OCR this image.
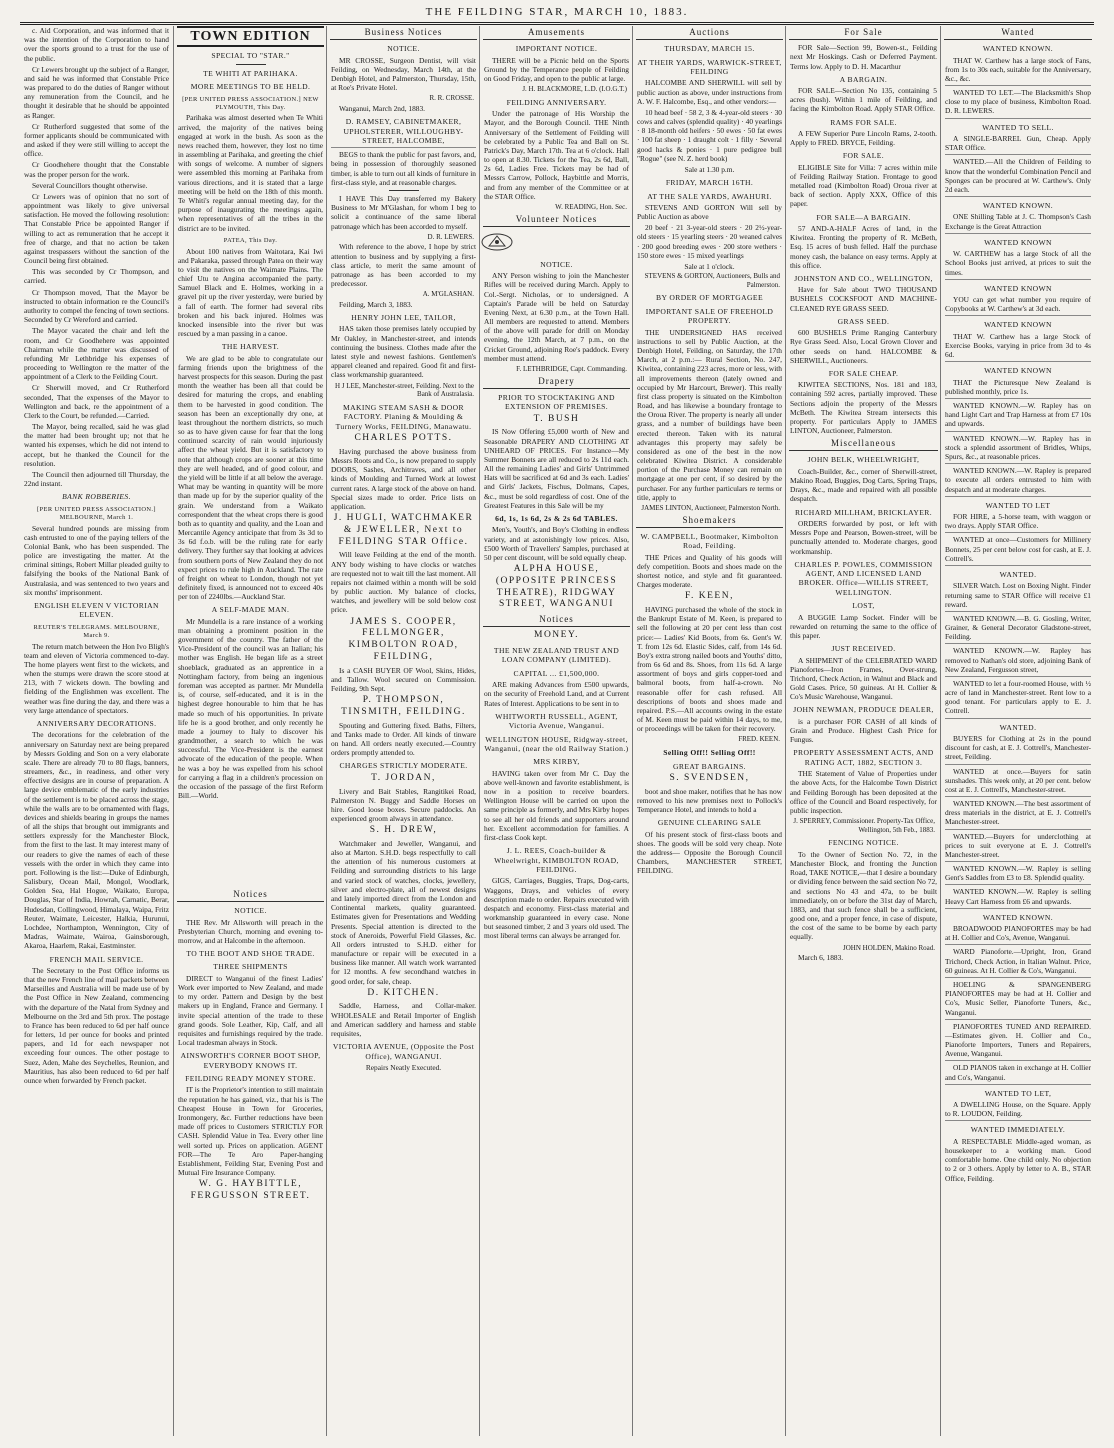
THE FEILDING STAR, MARCH 10, 1883.

c. Aid Corporation, and was informed that it was the intention of the Corporation to hand over the sports ground to a trust for the use of the public.

Cr Lewers brought up the subject of a Ranger, and said he was informed that Constable Price was prepared to do the duties of Ranger without any remuneration from the Council, and he thought it desirable that he should be appointed as Ranger.

Cr Rutherford suggested that some of the former applicants should be communicated with and asked if they were still willing to accept the office.

Cr Goodhehere thought that the Constable was the proper person for the work.

Several Councillors thought otherwise.

Cr Lewers was of opinion that no sort of appointment was likely to give universal satisfaction. He moved the following resolution: That Constable Price be appointed Ranger if willing to act as remuneration that he accept it free of charge, and that no action be taken against trespassers without the sanction of the Council being first obtained.

This was seconded by Cr Thompson, and carried.

Cr Thompson moved, That the Mayor be instructed to obtain information re the Council's authority to compel the fencing of town sections. Seconded by Cr Wereford and carried.

The Mayor vacated the chair and left the room, and Cr Goodhehere was appointed Chairman while the matter was discussed of refunding Mr Lethbridge his expenses of proceeding to Wellington re the matter of the appointment of a Clerk to the Feilding Court.

Cr Sherwill moved, and Cr Rutherford seconded, That the expenses of the Mayor to Wellington and back, re the appointment of a Clerk to the Court, be refunded.—Carried.

The Mayor, being recalled, said he was glad the matter had been brought up; not that he wanted his expenses, which he did not intend to accept, but he thanked the Council for the resolution.

The Council then adjourned till Thursday, the 22nd instant.

BANK ROBBERIES.
[PER UNITED PRESS ASSOCIATION.] MELBOURNE, March 1.

Several hundred pounds are missing from cash entrusted to one of the paying tellers of the Colonial Bank, who has been suspended. The police are investigating the matter. At the criminal sittings, Robert Millar pleaded guilty to falsifying the books of the National Bank of Australasia, and was sentenced to two years and six months' imprisonment.

ENGLISH ELEVEN V VICTORIAN ELEVEN.
REUTER'S TELEGRAMS. MELBOURNE, March 9.

The return match between the Hon Ivo Bligh's team and eleven of Victoria commenced to-day. The home players went first to the wickets, and when the stumps were drawn the score stood at 213, with 7 wickets down. The bowling and fielding of the Englishmen was excellent. The weather was fine during the day, and there was a very large attendance of spectators.

ANNIVERSARY DECORATIONS.

The decorations for the celebration of the anniversary on Saturday next are being prepared by Messrs Golding and Son on a very elaborate scale. There are already 70 to 80 flags, banners, streamers, &c., in readiness, and other very effective designs are in course of preparation. A large device emblematic of the early industries of the settlement is to be placed across the stage, while the walls are to be ornamented with flags, devices and shields bearing in groups the names of all the ships that brought out immigrants and settlers expressly for the Manchester Block, from the first to the last. It may interest many of our readers to give the names of each of these vessels with the order in which they came into port. Following is the list:—Duke of Edinburgh, Salisbury, Ocean Mail, Mongol, Woodlark, Golden Sea, Hal Hogue, Waikato, Europa, Douglas, Star of India, Howrah, Carnatic, Berar, Hudesdan, Collingwood, Himalaya, Waipa, Fritz Reuter, Waimate, Leicester, Halkia, Hurunui, Lochdee, Northampton, Wennington, City of Madras, Waimate, Wairoa, Gainsborough, Akaroa, Haarlem, Rakai, Eastminster.

FRENCH MAIL SERVICE.

The Secretary to the Post Office informs us that the new French line of mail packets between Marseilles and Australia will be made use of by the Post Office in New Zealand, commencing with the departure of the Natal from Sydney and Melbourne on the 3rd and 5th prox. The postage to France has been reduced to 6d per half ounce for letters, 1d per ounce for books and printed papers, and 1d for each newspaper not exceeding four ounces. The other postage to Suez, Aden, Mahe des Seychelles, Reunion, and Mauritius, has also been reduced to 6d per half ounce when forwarded by French packet.

TOWN EDITION
SPECIAL TO "STAR."
TE WHITI AT PARIHAKA.
MORE MEETINGS TO BE HELD.
[PER UNITED PRESS ASSOCIATION.] NEW PLYMOUTH, This Day.

Parihaka was almost deserted when Te Whiti arrived, the majority of the natives being engaged at work in the bush. As soon as the news reached them, however, they lost no time in assembling at Parihaka, and greeting the chief with songs of welcome. A number of signers were assembled this morning at Parihaka from various directions, and it is stated that a large meeting will be held on the 18th of this month. Te Whiti's regular annual meeting day, for the purpose of inaugurating the meetings again, when representatives of all the tribes in the district are to be invited.

PATEA, This Day.

About 100 natives from Waitotara, Kai Iwi and Pakaraka, passed through Patea on their way to visit the natives on the Waimate Plains. The chief Utu te Angina accompanied the party. Samuel Black and E. Holmes, working in a gravel pit up the river yesterday, were buried by a fall of earth. The former had several ribs broken and his back injured. Holmes was knocked insensible into the river but was rescued by a man passing in a canoe.

THE HARVEST.

We are glad to be able to congratulate our farming friends upon the brightness of the harvest prospects for this season. During the past month the weather has been all that could be desired for maturing the crops, and enabling them to be harvested in good condition. The season has been an exceptionally dry one, at least throughout the northern districts, so much so as to have given cause for fear that the long continued scarcity of rain would injuriously affect the wheat yield. But it is satisfactory to note that although crops are sooner at this time they are well headed, and of good colour, and the yield will be little if at all below the average. What may be wanting in quantity will be more than made up for by the superior quality of the grain. We understand from a Waikato correspondent that the wheat crops there is good both as to quantity and quality, and the Loan and Mercantile Agency anticipate that from 3s 3d to 3s 6d f.o.b. will be the ruling rate for early delivery. They further say that looking at advices from southern ports of New Zealand they do not expect prices to rule high in Auckland. The rate of freight on wheat to London, though not yet definitely fixed, is announced not to exceed 40s per ton of 2240lbs.—Auckland Star.

A SELF-MADE MAN.

Mr Mundella is a rare instance of a working man obtaining a prominent position in the government of the country. The father of the Vice-President of the council was an Italian; his mother was English. He began life as a street shoeblack, graduated as an apprentice in a Nottingham factory, from being an ingenious foreman was accepted as partner. Mr Mundella is, of course, self-educated, and it is in the highest degree honourable to him that he has made so much of his opportunities. In private life he is a good brother, and only recently he made a journey to Italy to discover his grandmother, a search to which he was successful. The Vice-President is the earnest advocate of the education of the people. When he was a boy he was expelled from his school for carrying a flag in a children's procession on the occasion of the passage of the first Reform Bill.—World.

Notices
NOTICE.

THE Rev. Mr Allsworth will preach in the Presbyterian Church, morning and evening to-morrow, and at Halcombe in the afternoon.

TO THE BOOT AND SHOE TRADE.
THREE SHIPMENTS

DIRECT to Wanganui of the finest Ladies' Work ever imported to New Zealand, and made to my order. Pattern and Design by the best makers up in England, France and Germany. I invite special attention of the trade to these grand goods. Sole Leather, Kip, Calf, and all requisites and furnishings required by the trade. Local tradesman always in Stock.

AINSWORTH'S CORNER BOOT SHOP, EVERYBODY KNOWS IT.
FEILDING READY MONEY STORE.

IT is the Proprietor's intention to still maintain the reputation he has gained, viz., that his is The Cheapest House in Town for Groceries, Ironmongery, &c. Further reductions have been made off prices to Customers STRICTLY FOR CASH. Splendid Value in Tea. Every other line well sorted up. Prices on application. AGENT FOR—The Te Aro Paper-hanging Establishment, Feilding Star, Evening Post and Mutual Fire Insurance Company.

W. G. HAYBITTLE, FERGUSSON STREET.
Business Notices
NOTICE.

MR CROSSE, Surgeon Dentist, will visit Feilding, on Wednesday, March 14th, at the Denbigh Hotel, and Palmerston, Thursday, 15th, at Roe's Private Hotel.

R. R. CROSSE.

Wanganui, March 2nd, 1883.

D. RAMSEY, CABINETMAKER, UPHOLSTERER, WILLOUGHBY-STREET, HALCOMBE,

BEGS to thank the public for past favors, and, being in possession of thoroughly seasoned timber, is able to turn out all kinds of furniture in first-class style, and at reasonable charges.

I HAVE This Day transferred my Bakery Business to Mr M'Glashan, for whom I beg to solicit a continuance of the same liberal patronage which has been accorded to myself.

D. R. LEWERS.

With reference to the above, I hope by strict attention to business and by supplying a first-class article, to merit the same amount of patronage as has been accorded to my predecessor.

A. M'GLASHAN.

Feilding, March 3, 1883.

HENRY JOHN LEE, TAILOR,

HAS taken those premises lately occupied by Mr Oakley, in Manchester-street, and intends continuing the business. Clothes made after the latest style and newest fashions. Gentlemen's apparel cleaned and repaired. Good fit and first-class workmanship guaranteed.

H J LEE, Manchester-street, Feilding. Next to the Bank of Australasia.
MAKING STEAM SASH & DOOR FACTORY. Planing & Moulding & Turnery Works, FEILDING, Manawatu.
CHARLES POTTS.

Having purchased the above business from Messrs Roots and Co., is now prepared to supply DOORS, Sashes, Architraves, and all other kinds of Moulding and Turned Work at lowest current rates. A large stock of the above on hand. Special sizes made to order. Price lists on application.

J. HUGLI, WATCHMAKER & JEWELLER, Next to FEILDING STAR Office.

Will leave Feilding at the end of the month. ANY body wishing to have clocks or watches are requested not to wait till the last moment. All repairs not claimed within a month will be sold by public auction. My balance of clocks, watches, and jewellery will be sold below cost price.

JAMES S. COOPER, FELLMONGER, KIMBOLTON ROAD, FEILDING,

Is a CASH BUYER OF Wool, Skins, Hides, and Tallow. Wool secured on Commission. Feilding, 9th Sept.

P. THOMPSON, TINSMITH, FEILDING.

Spouting and Guttering fixed. Baths, Filters, and Tanks made to Order. All kinds of tinware on hand. All orders neatly executed.—Country orders promptly attended to.

CHARGES STRICTLY MODERATE.
T. JORDAN,

Livery and Bait Stables, Rangitikei Road, Palmerston N. Buggy and Saddle Horses on hire. Good loose boxes. Secure paddocks. An experienced groom always in attendance.

S. H. DREW,

Watchmaker and Jeweller, Wanganui, and also at Marton. S.H.D. begs respectfully to call the attention of his numerous customers at Feilding and surrounding districts to his large and varied stock of watches, clocks, jewellery, silver and electro-plate, all of newest designs and lately imported direct from the London and Continental markets, quality guaranteed. Estimates given for Presentations and Wedding Presents. Special attention is directed to the stock of Aneroids, Powerful Field Glasses, &c. All orders intrusted to S.H.D. either for manufacture or repair will be executed in a business like manner. All watch work warranted for 12 months. A few secondhand watches in good order, for sale, cheap.

D. KITCHEN.

Saddle, Harness, and Collar-maker. WHOLESALE and Retail Importer of English and American saddlery and harness and stable requisites,

VICTORIA AVENUE, (Opposite the Post Office), WANGANUI.
Repairs Neatly Executed.
Amusements
IMPORTANT NOTICE.

THERE will be a Picnic held on the Sports Ground by the Temperance people of Feilding on Good Friday, and open to the public at large.

J. H. BLACKMORE, L.D. (I.O.G.T.)
FEILDING ANNIVERSARY.

Under the patronage of His Worship the Mayor, and the Borough Council. THE Ninth Anniversary of the Settlement of Feilding will be celebrated by a Public Tea and Ball on St. Patrick's Day, March 17th. Tea at 6 o'clock. Hall to open at 8.30. Tickets for the Tea, 2s 6d, Ball, 2s 6d, Ladies Free. Tickets may be had of Messrs Carrow, Pollock, Haybittle and Morris, and from any member of the Committee or at the STAR Office.

W. READING, Hon. Sec.
Volunteer Notices
NOTICE.

ANY Person wishing to join the Manchester Rifles will be received during March. Apply to Col.-Sergt. Nicholas, or to undersigned. A Captain's Parade will be held on Saturday Evening Next, at 6.30 p.m., at the Town Hall. All members are requested to attend. Members of the above will parade for drill on Monday evening, the 12th March, at 7 p.m., on the Cricket Ground, adjoining Roe's paddock. Every member must attend.

F. LETHBRIDGE, Capt. Commanding.
Drapery
PRIOR TO STOCKTAKING AND EXTENSION OF PREMISES.
T. BUSH

IS Now Offering £5,000 worth of New and Seasonable DRAPERY AND CLOTHING AT UNHEARD OF PRICES. For Instance—My Summer Bonnets are all reduced to 2s 11d each. All the remaining Ladies' and Girls' Untrimmed Hats will be sacrificed at 6d and 3s each. Ladies' and Girls' Jackets, Fischus, Dolmans, Capes, &c., must be sold regardless of cost. One of the Greatest Features in this Sale will be my

6d, 1s, 1s 6d, 2s & 2s 6d TABLES.

Men's, Youth's, and Boy's Clothing in endless variety, and at astonishingly low prices. Also, £500 Worth of Travellers' Samples, purchased at 50 per cent discount, will be sold equally cheap.

ALPHA HOUSE, (OPPOSITE PRINCESS THEATRE), RIDGWAY STREET, WANGANUI
Notices
MONEY.
THE NEW ZEALAND TRUST AND LOAN COMPANY (LIMITED).
CAPITAL ... £1,500,000.

ARE making Advances from £500 upwards, on the security of Freehold Land, and at Current Rates of Interest. Applications to be sent in to

WHITWORTH RUSSELL, AGENT, Victoria Avenue, Wanganui.
WELLINGTON HOUSE, Ridgway-street, Wanganui, (near the old Railway Station.)
MRS KIRBY,

HAVING taken over from Mr C. Day the above well-known and favorite establishment, is now in a position to receive boarders. Wellington House will be carried on upon the same principle as formerly, and Mrs Kirby hopes to see all her old friends and supporters around her. Excellent accommodation for families. A first-class Cook kept.

J. L. REES, Coach-builder & Wheelwright, KIMBOLTON ROAD, FEILDING.

GIGS, Carriages, Buggies, Traps, Dog-carts, Waggons, Drays, and vehicles of every description made to order. Repairs executed with despatch and economy. First-class material and workmanship guaranteed in every case. None but seasoned timber, 2 and 3 years old used. The most liberal terms can always be arranged for.

Auctions
THURSDAY, MARCH 15.
AT THEIR YARDS, WARWICK-STREET, FEILDING

HALCOMBE AND SHERWILL will sell by public auction as above, under instructions from A. W. F. Halcombe, Esq., and other vendors:—

10 head beef · 58 2, 3 & 4-year-old steers · 30 cows and calves (splendid quality) · 40 yearlings · 8 18-month old heifers · 50 ewes · 50 fat ewes · 100 fat sheep · 1 draught colt · 1 filly · Several good hacks & ponies · 1 pure pedigree bull "Rogue" (see N. Z. herd book)

Sale at 1.30 p.m.
FRIDAY, MARCH 16TH.
AT THE SALE YARDS, AWAHURI.

STEVENS AND GORTON Will sell by Public Auction as above

20 beef · 21 3-year-old steers · 20 2½-year-old steers · 15 yearling steers · 20 weaned calves · 200 good breeding ewes · 200 store wethers · 150 store ewes · 15 mixed yearlings

Sale at 1 o'clock.
STEVENS & GORTON, Auctioneers, Bulls and Palmerston.
BY ORDER OF MORTGAGEE
IMPORTANT SALE OF FREEHOLD PROPERTY.

THE UNDERSIGNED HAS received instructions to sell by Public Auction, at the Denbigh Hotel, Feilding, on Saturday, the 17th March, at 2 p.m.:— Rural Section, No. 247, Kiwitea, containing 223 acres, more or less, with all improvements thereon (lately owned and occupied by Mr Harcourt, Brewer). This really first class property is situated on the Kimbolton Road, and has likewise a boundary frontage to the Oroua River. The property is nearly all under grass, and a number of buildings have been erected thereon. Taken with its natural advantages this property may safely be considered as one of the best in the now celebrated Kiwitea District. A considerable portion of the Purchase Money can remain on mortgage at one per cent, if so desired by the purchaser. For any further particulars re terms or title, apply to

JAMES LINTON, Auctioneer, Palmerston North.
Shoemakers
W. CAMPBELL, Bootmaker, Kimbolton Road, Feilding.

THE Prices and Quality of his goods will defy competition. Boots and shoes made on the shortest notice, and style and fit guaranteed. Charges moderate.

F. KEEN,

HAVING purchased the whole of the stock in the Bankrupt Estate of M. Keen, is prepared to sell the following at 20 per cent less than cost price:— Ladies' Kid Boots, from 6s. Gent's W. T. from 12s 6d. Elastic Sides, calf, from 14s 6d. Boy's extra strong nailed boots and Youths' ditto, from 6s 6d and 8s. Shoes, from 11s 6d. A large assortment of boys and girls copper-toed and balmoral boots, from half-a-crown. No reasonable offer for cash refused. All descriptions of boots and shoes made and repaired. P.S.—All accounts owing in the estate of M. Keen must be paid within 14 days, to me, or proceedings will be taken for their recovery.

FRED. KEEN.
Selling Off!! Selling Off!!
GREAT BARGAINS.
S. SVENDSEN,

boot and shoe maker, notifies that he has now removed to his new premises next to Pollock's Temperance Hotel, and intends to hold a

GENUINE CLEARING SALE

Of his present stock of first-class boots and shoes. The goods will be sold very cheap. Note the address— Opposite the Borough Council Chambers, MANCHESTER STREET, FEILDING.

For Sale

FOR Sale—Section 99, Bowen-st., Feilding next Mr Hoskings. Cash or Deferred Payment. Terms low. Apply to D. H. Macarthur

A BARGAIN.

FOR SALE—Section No 135, containing 5 acres (bush). Within 1 mile of Feilding, and facing the Kimbolton Road. Apply STAR Office.

RAMS FOR SALE.

A FEW Superior Pure Lincoln Rams, 2-tooth. Apply to FRED. BRYCE, Feilding.

FOR SALE.

ELIGIBLE Site for Villa: 7 acres within mile of Feilding Railway Station. Frontage to good metalled road (Kimbolton Road) Oroua river at back of section. Apply XXX, Office of this paper.

FOR SALE—A BARGAIN.

57 AND-A-HALF Acres of land, in the Kiwitea. Fronting the property of R. McBeth, Esq. 15 acres of bush felled. Half the purchase money cash, the balance on easy terms. Apply at this office.

JOHNSTON AND CO., WELLINGTON,

Have for Sale about TWO THOUSAND BUSHELS COCKSFOOT AND MACHINE-CLEANED RYE GRASS SEED.

GRASS SEED.

600 BUSHELS Prime Ranging Canterbury Rye Grass Seed. Also, Local Grown Clover and other seeds on hand. HALCOMBE & SHERWILL, Auctioneers.

FOR SALE CHEAP.

KIWITEA SECTIONS, Nos. 181 and 183, containing 592 acres, partially improved. These Sections adjoin the property of the Messrs McBeth. The Kiwitea Stream intersects this property. For particulars Apply to JAMES LINTON, Auctioneer, Palmerston.

Miscellaneous
JOHN BELK, WHEELWRIGHT,

Coach-Builder, &c., corner of Sherwill-street, Makino Road, Buggies, Dog Carts, Spring Traps, Drays, &c., made and repaired with all possible despatch.

RICHARD MILLHAM, BRICKLAYER.

ORDERS forwarded by post, or left with Messrs Pope and Pearson, Bowen-street, will be punctually attended to. Moderate charges, good workmanship.

CHARLES P. POWLES, COMMISSION AGENT, AND LICENSED LAND BROKER. Office—WILLIS STREET, WELLINGTON.
LOST,

A BUGGIE Lamp Socket. Finder will be rewarded on returning the same to the office of this paper.

JUST RECEIVED.

A SHIPMENT of the CELEBRATED WARD Pianofortes—Iron Frames, Over-strung, Trichord, Check Action, in Walnut and Black and Gold Cases. Price, 50 guineas. At H. Collier & Co's Music Warehouse, Wanganui.

JOHN NEWMAN, PRODUCE DEALER,

is a purchaser FOR CASH of all kinds of Grain and Produce. Highest Cash Price for Fungus.

PROPERTY ASSESSMENT ACTS, AND RATING ACT, 1882, SECTION 3.

THE Statement of Value of Properties under the above Acts, for the Halcombe Town District and Feilding Borough has been deposited at the office of the Council and Board respectively, for public inspection.

J. SPERREY, Commissioner. Property-Tax Office, Wellington, 5th Feb., 1883.
FENCING NOTICE.

To the Owner of Section No. 72, in the Manchester Block, and fronting the Junction Road, TAKE NOTICE,—that I desire a boundary or dividing fence between the said section No 72, and sections No 43 and 47a, to be built immediately, on or before the 31st day of March, 1883, and that such fence shall be a sufficient, good one, and a proper fence, in case of dispute, the cost of the same to be borne by each party equally.

JOHN HOLDEN, Makino Road.

March 6, 1883.

Wanted
WANTED KNOWN.

THAT W. Carthew has a large stock of Fans, from 1s to 30s each, suitable for the Anniversary, &c., &c.

WANTED TO LET.—The Blacksmith's Shop close to my place of business, Kimbolton Road. D. R. LEWERS.

WANTED TO SELL.

A SINGLE-BARREL Gun, Cheap. Apply STAR Office.

WANTED.—All the Children of Feilding to know that the wonderful Combination Pencil and Sponges can be procured at W. Carthew's. Only 2d each.

WANTED KNOWN.

ONE Shilling Table at J. C. Thompson's Cash Exchange is the Great Attraction

WANTED KNOWN

W. CARTHEW has a large Stock of all the School Books just arrived, at prices to suit the times.

WANTED KNOWN

YOU can get what number you require of Copybooks at W. Carthew's at 3d each.

WANTED KNOWN

THAT W. Carthew has a large Stock of Exercise Books, varying in price from 3d to 4s 6d.

WANTED KNOWN

THAT the Picturesque New Zealand is published monthly, price 1s.

WANTED KNOWN.—W. Rapley has on hand Light Cart and Trap Harness at from £7 10s and upwards.

WANTED KNOWN.—W. Rapley has in stock a splendid assortment of Bridles, Whips, Spurs, &c., at reasonable prices.

WANTED KNOWN.—W. Rapley is prepared to execute all orders entrusted to him with despatch and at moderate charges.

WANTED TO LET

FOR HIRE, a 5-horse team, with waggon or two drays. Apply STAR Office.

WANTED at once—Customers for Millinery Bonnets, 25 per cent below cost for cash, at E. J. Cottrell's.

WANTED.

SILVER Watch. Lost on Boxing Night. Finder returning same to STAR Office will receive £1 reward.

WANTED KNOWN.—B. G. Gosling, Writer, Grainer, & General Decorator Gladstone-street, Feilding.

WANTED KNOWN.—W. Rapley has removed to Nathan's old store, adjoining Bank of New Zealand, Fergusson street,

WANTED to let a four-roomed House, with ½ acre of land in Manchester-street. Rent low to a good tenant. For particulars apply to E. J. Cottrell.

WANTED.

BUYERS for Clothing at 2s in the pound discount for cash, at E. J. Cottrell's, Manchester-street, Feilding.

WANTED at once.—Buyers for satin sunshades. This week only, at 20 per cent. below cost at E. J. Cottrell's, Manchester-street.

WANTED KNOWN.—The best assortment of dress materials in the district, at E. J. Cottrell's Manchester-street.

WANTED.—Buyers for underclothing at prices to suit everyone at E. J. Cottrell's Manchester-street.

WANTED KNOWN.—W. Rapley is selling Gent's Saddles from £3 to £8. Splendid quality.

WANTED KNOWN.—W. Rapley is selling Heavy Cart Harness from £6 and upwards.

WANTED KNOWN.

BROADWOOD PIANOFORTES may be had at H. Collier and Co's, Avenue, Wanganui.

WARD Pianoforte.—Upright, Iron, Grand Trichord, Check Action, in Italian Walnut. Price, 60 guineas. At H. Collier & Co's, Wanganui.

HOELING & SPANGENBERG PIANOFORTES may be had at H. Collier and Co's, Music Seller, Pianoforte Tuners, &c., Wanganui.

PIANOFORTES TUNED AND REPAIRED.—Estimates given. H. Collier and Co., Pianoforte Importers, Tuners and Repairers, Avenue, Wanganui.

OLD PIANOS taken in exchange at H. Collier and Co's, Wanganui.

WANTED TO LET,

A DWELLING House, on the Square. Apply to R. LOUDON, Feilding.

WANTED IMMEDIATELY.

A RESPECTABLE Middle-aged woman, as housekeeper to a working man. Good comfortable home. One child only. No objection to 2 or 3 others. Apply by letter to A. B., STAR Office, Feilding.
